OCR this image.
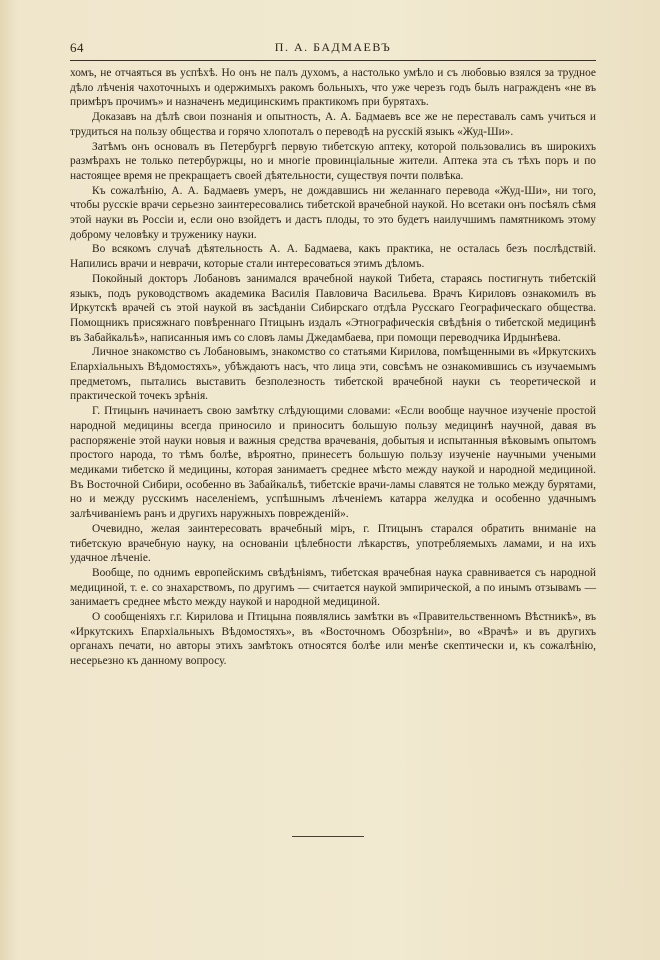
64	П. А. БАДМАЕВЪ

хомъ, не отчаяться въ успѣхѣ. Но онъ не палъ духомъ, а настолько умѣло и съ любовью взялся за трудное дѣло лѣченія чахоточныхъ и одержимыхъ ракомъ больныхъ, что уже черезъ годъ былъ награжденъ «не въ примѣръ прочимъ» и назначенъ медицинскимъ практикомъ при бурятахъ.

Доказавъ на дѣлѣ свои познанія и опытность, А. А. Бадмаевъ все же не переставалъ самъ учиться и трудиться на пользу общества и горячо хлопоталъ о переводѣ на русскій языкъ «Жуд-Ши».

Затѣмъ онъ основалъ въ Петербургѣ первую тибетскую аптеку, которой пользовались въ широкихъ размѣрахъ не только петербуржцы, но и многіе провинціальные жители. Аптека эта съ тѣхъ поръ и по настоящее время не прекращаетъ своей дѣятельности, существуя почти полвѣка.

Къ сожалѣнію, А. А. Бадмаевъ умеръ, не дождавшись ни желаннаго перевода «Жуд-Ши», ни того, чтобы русскіе врачи серьезно заинтересовались тибетской врачебной наукой. Но всетаки онъ посѣялъ сѣмя этой науки въ Россіи и, если оно взойдетъ и дастъ плоды, то это будетъ наилучшимъ памятникомъ этому доброму человѣку и труженику науки.

Во всякомъ случаѣ дѣятельность А. А. Бадмаева, какъ практика, не осталась безъ послѣдствій. Напились врачи и неврачи, которые стали интересоваться этимъ дѣломъ.

Покойный докторъ Лобановъ занимался врачебной наукой Тибета, стараясь постигнуть тибетскій языкъ, подъ руководствомъ академика Василія Павловича Васильева. Врачъ Кириловъ ознакомилъ въ Иркутскѣ врачей съ этой наукой въ засѣданіи Сибирскаго отдѣла Русскаго Географическаго общества. Помощникъ присяжнаго повѣреннаго Птицынъ издалъ «Этнографическія свѣдѣнія о тибетской медицинѣ въ Забайкальѣ», написанныя имъ со словъ ламы Джедамбаева, при помощи переводчика Ирдынѣева.

Личное знакомство съ Лобановымъ, знакомство со статьями Кирилова, помѣщенными въ «Иркутскихъ Епархіальныхъ Вѣдомостяхъ», убѣждаютъ насъ, что лица эти, совсѣмъ не ознакомившись съ изучаемымъ предметомъ, пытались выставить безполезность тибетской врачебной науки съ теоретической и практической точекъ зрѣнія.

Г. Птицынъ начинаетъ свою замѣтку слѣдующими словами: «Если вообще научное изученіе простой народной медицины всегда приносило и приноситъ большую пользу медицинѣ научной, давая въ распоряженіе этой науки новыя и важныя средства врачеванія, добытыя и испытанныя вѣковымъ опытомъ простого народа, то тѣмъ болѣе, вѣроятно, принесетъ большую пользу изученіе научными учеными медиками тибетско й медицины, которая занимаетъ среднее мѣсто между наукой и народной медициной. Въ Восточной Сибири, особенно въ Забайкальѣ, тибетскіе врачи-ламы славятся не только между бурятами, но и между русскимъ населеніемъ, успѣшнымъ лѣченіемъ катарра желудка и особенно удачнымъ залѣчиваніемъ ранъ и другихъ наружныхъ поврежденій».

Очевидно, желая заинтересовать врачебный міръ, г. Птицынъ старался обратить вниманіе на тибетскую врачебную науку, на основаніи цѣлебности лѣкарствъ, употребляемыхъ ламами, и на ихъ удачное лѣченіе.

Вообще, по однимъ европейскимъ свѣдѣніямъ, тибетская врачебная наука сравнивается съ народной медициной, т. е. со знахарствомъ, по другимъ — считается наукой эмпирической, а по инымъ отзывамъ — занимаетъ среднее мѣсто между наукой и народной медициной.

О сообщеніяхъ г.г. Кирилова и Птицына появлялись замѣтки въ «Правительственномъ Вѣстникѣ», въ «Иркутскихъ Епархіальныхъ Вѣдомостяхъ», въ «Восточномъ Обозрѣніи», во «Врачѣ» и въ другихъ органахъ печати, но авторы этихъ замѣтокъ относятся болѣе или менѣе скептически и, къ сожалѣнію, несерьезно къ данному вопросу.
